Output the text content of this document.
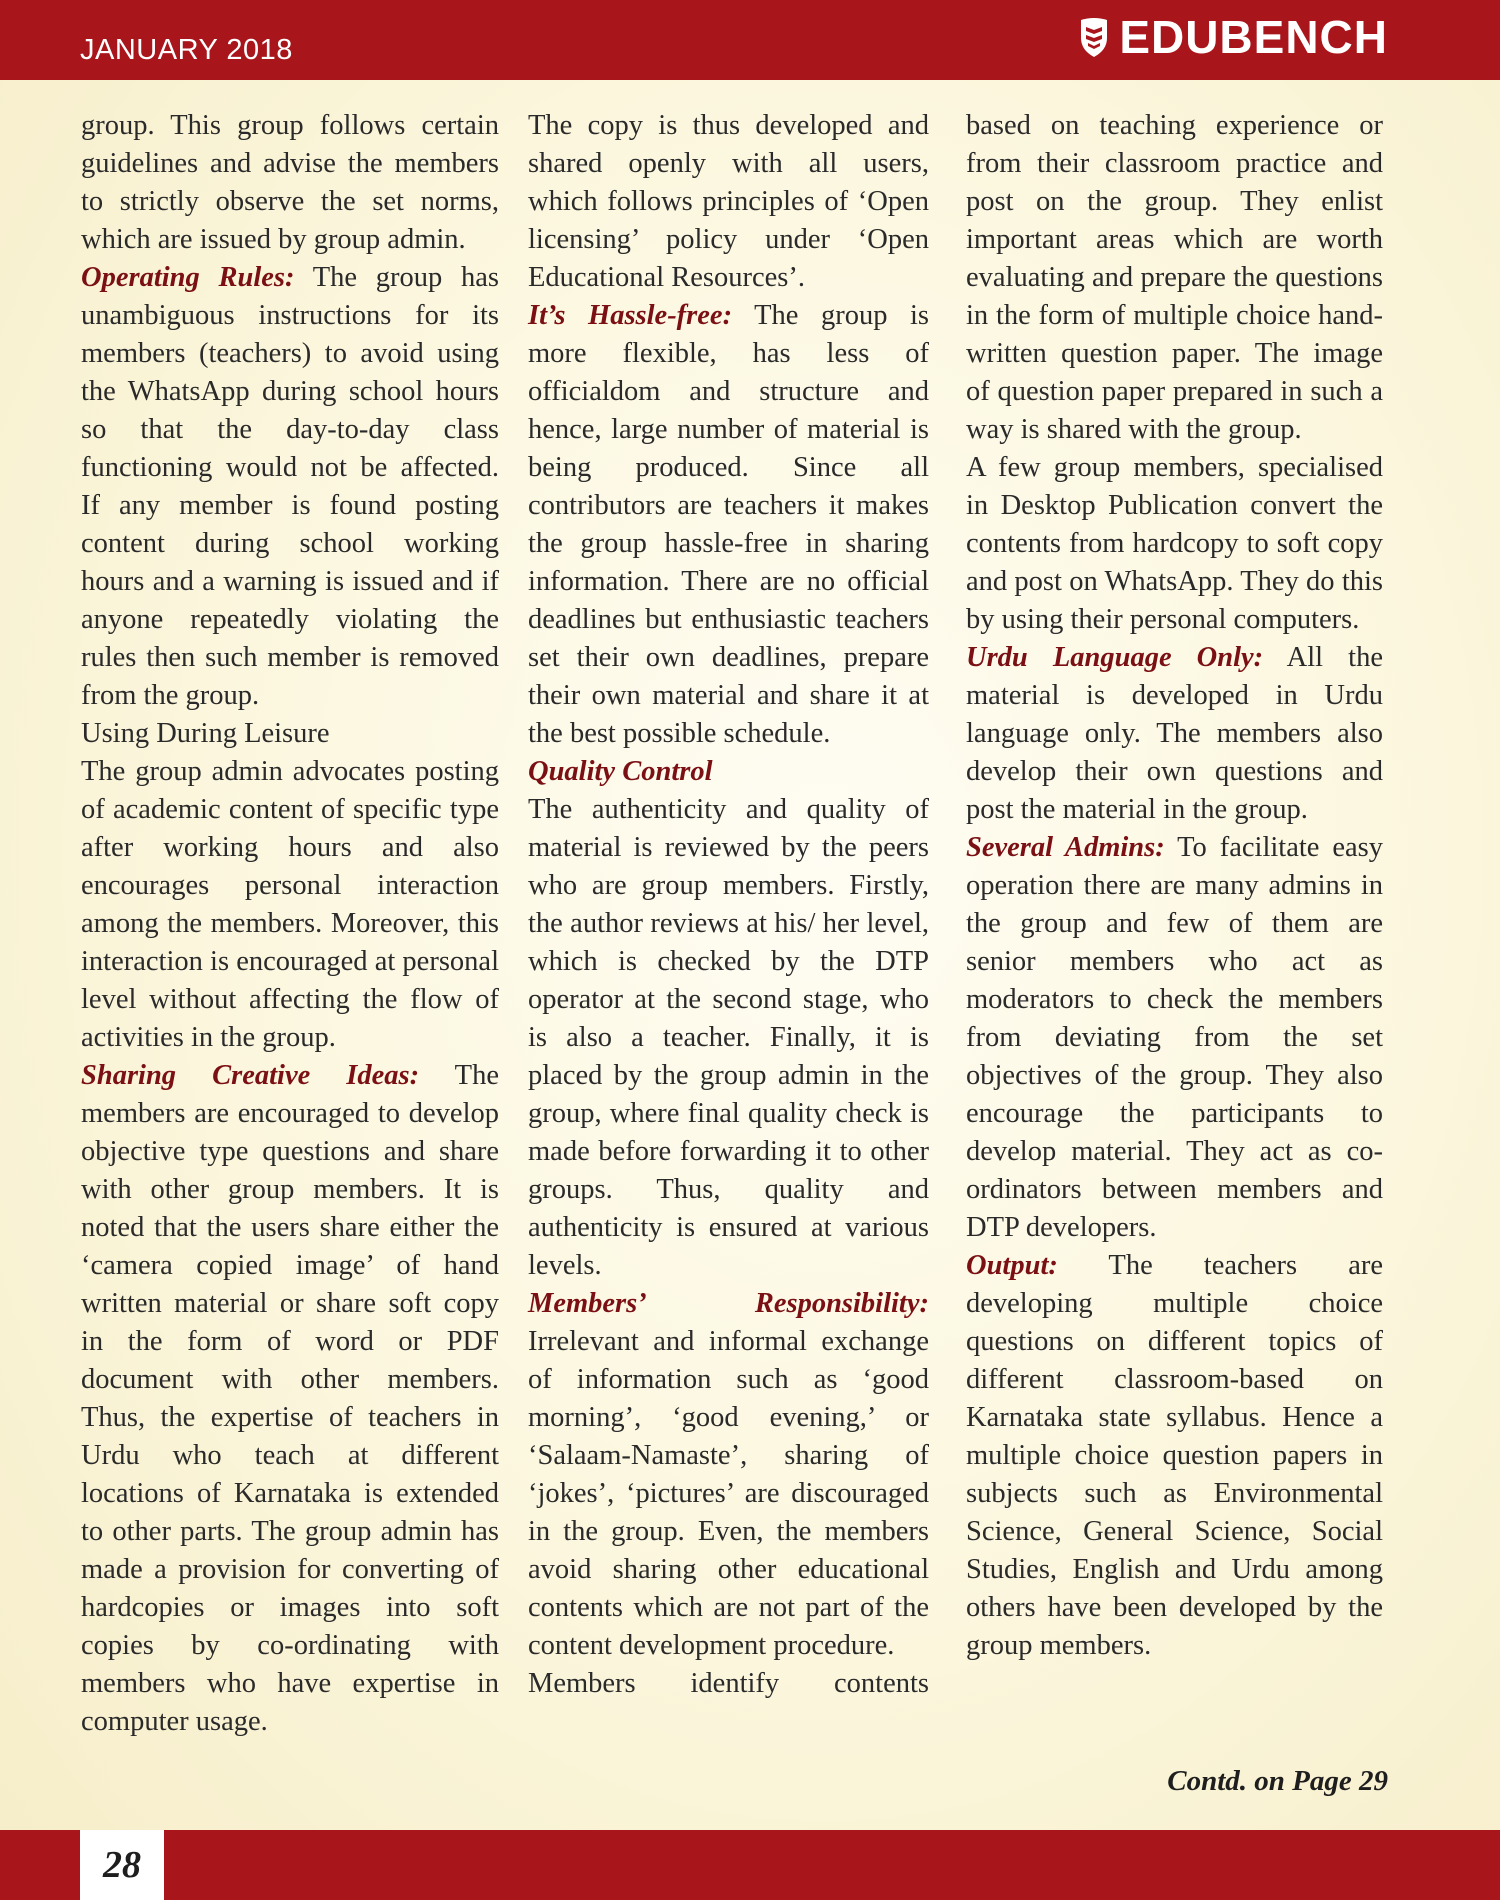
JANUARY 2018	EDUBENCH

group. This group follows certain guidelines and advise the members to strictly observe the set norms, which are issued by group admin.

Operating Rules: The group has unambiguous instructions for its members (teachers) to avoid using the WhatsApp during school hours so that the day-to-day class functioning would not be affected. If any member is found posting content during school working hours and a warning is issued and if anyone repeatedly violating the rules then such member is removed from the group.

Using During Leisure

The group admin advocates posting of academic content of specific type after working hours and also encourages personal interaction among the members. Moreover, this interaction is encouraged at personal level without affecting the flow of activities in the group.

Sharing Creative Ideas: The members are encouraged to develop objective type questions and share with other group members. It is noted that the users share either the ‘camera copied image’ of hand written material or share soft copy in the form of word or PDF document with other members. Thus, the expertise of teachers in Urdu who teach at different locations of Karnataka is extended to other parts. The group admin has made a provision for converting of hardcopies or images into soft copies by co-ordinating with members who have expertise in computer usage.

The copy is thus developed and shared openly with all users, which follows principles of ‘Open licensing’ policy under ‘Open Educational Resources’.

It’s Hassle-free: The group is more flexible, has less of officialdom and structure and hence, large number of material is being produced. Since all contributors are teachers it makes the group hassle-free in sharing information. There are no official deadlines but enthusiastic teachers set their own deadlines, prepare their own material and share it at the best possible schedule.

Quality Control

The authenticity and quality of material is reviewed by the peers who are group members. Firstly, the author reviews at his/ her level, which is checked by the DTP operator at the second stage, who is also a teacher. Finally, it is placed by the group admin in the group, where final quality check is made before forwarding it to other groups. Thus, quality and authenticity is ensured at various levels.

Members’ Responsibility: Irrelevant and informal exchange of information such as ‘good morning’, ‘good evening,’ or ‘Salaam-Namaste’, sharing of ‘jokes’, ‘pictures’ are discouraged in the group. Even, the members avoid sharing other educational contents which are not part of the content development procedure.

Members identify contents

based on teaching experience or from their classroom practice and post on the group. They enlist important areas which are worth evaluating and prepare the questions in the form of multiple choice hand-written question paper. The image of question paper prepared in such a way is shared with the group.

A few group members, specialised in Desktop Publication convert the contents from hardcopy to soft copy and post on WhatsApp. They do this by using their personal computers.

Urdu Language Only: All the material is developed in Urdu language only. The members also develop their own questions and post the material in the group.

Several Admins: To facilitate easy operation there are many admins in the group and few of them are senior members who act as moderators to check the members from deviating from the set objectives of the group. They also encourage the participants to develop material. They act as co-ordinators between members and DTP developers.

Output: The teachers are developing multiple choice questions on different topics of different classroom-based on Karnataka state syllabus. Hence a multiple choice question papers in subjects such as Environmental Science, General Science, Social Studies, English and Urdu among others have been developed by the group members.

Contd. on Page 29
28
